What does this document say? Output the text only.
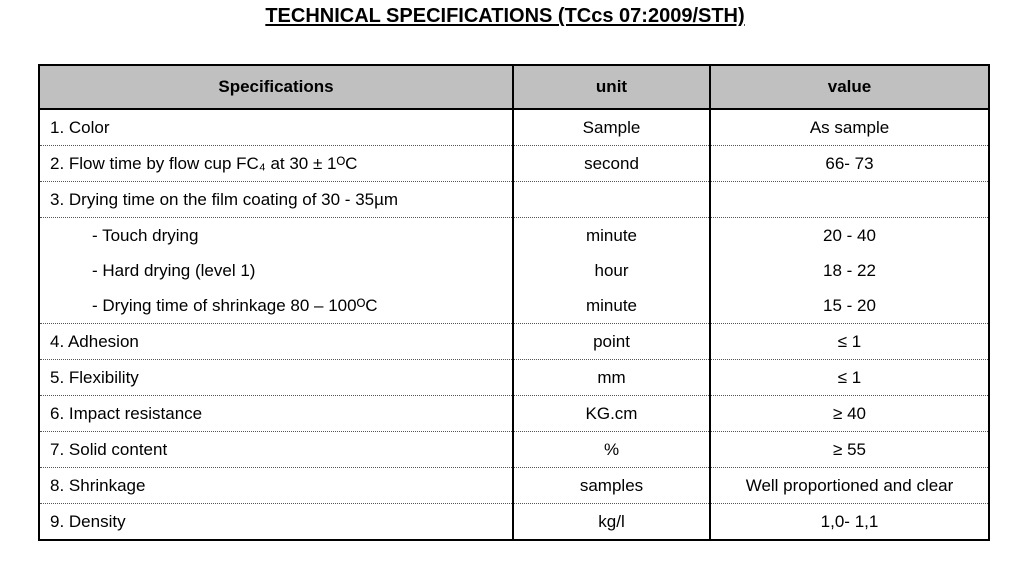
TECHNICAL SPECIFICATIONS (TCcs 07:2009/STH)
Specifications	unit	value
1. Color	Sample	As sample
2. Flow time by flow cup FC₄ at 30 ± 1ᴼC	second	66- 73
3. Drying time on the film coating of 30 - 35µm		
- Touch drying	minute	20 - 40
- Hard drying (level 1)	hour	18 - 22
- Drying time of shrinkage 80 – 100ᴼC	minute	15 - 20
4. Adhesion	point	≤ 1
5. Flexibility	mm	≤ 1
6. Impact resistance	KG.cm	≥ 40
7. Solid content	%	≥ 55
8. Shrinkage	samples	Well proportioned and clear
9. Density	kg/l	1,0- 1,1
